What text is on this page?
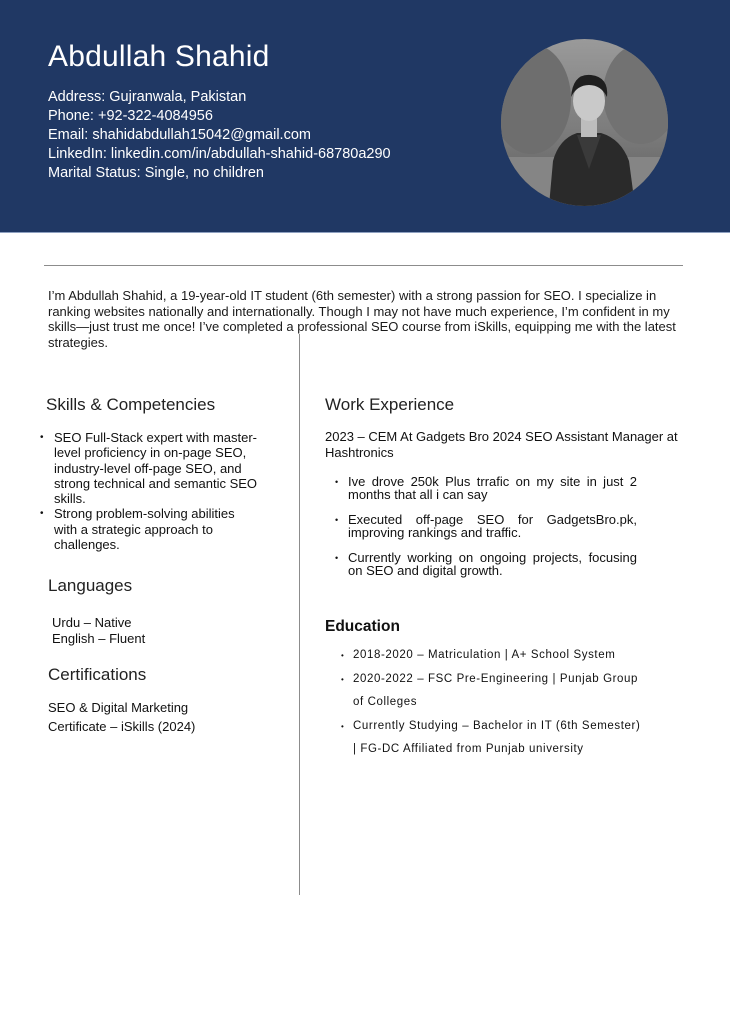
Abdullah Shahid
Address: Gujranwala, Pakistan
Phone: +92-322-4084956
Email: shahidabdullah15042@gmail.com
LinkedIn: linkedin.com/in/abdullah-shahid-68780a290
Marital Status: Single, no children

I’m Abdullah Shahid, a 19-year-old IT student (6th semester) with a strong passion for SEO. I specialize in ranking websites nationally and internationally. Though I may not have much experience, I’m confident in my skills—just trust me once! I’ve completed a professional SEO course from iSkills, equipping me with the latest strategies.

Skills & Competencies
• SEO Full-Stack expert with master-level proficiency in on-page SEO, industry-level off-page SEO, and strong technical and semantic SEO skills.
• Strong problem-solving abilities with a strategic approach to challenges.
Languages
Urdu – Native
English – Fluent
Certifications
SEO & Digital Marketing
Certificate – iSkills (2024)
Work Experience
2023 – CEM At Gadgets Bro 2024 SEO Assistant Manager at Hashtronics
• Ive drove 250k Plus trrafic on my site in just 2 months that all i can say
• Executed off-page SEO for GadgetsBro.pk, improving rankings and traffic.
• Currently working on ongoing projects, focusing on SEO and digital growth.
Education
• 2018-2020 – Matriculation | A+ School System
• 2020-2022 – FSC Pre-Engineering | Punjab Group of Colleges
• Currently Studying – Bachelor in IT (6th Semester) | FG-DC Affiliated from Punjab university
